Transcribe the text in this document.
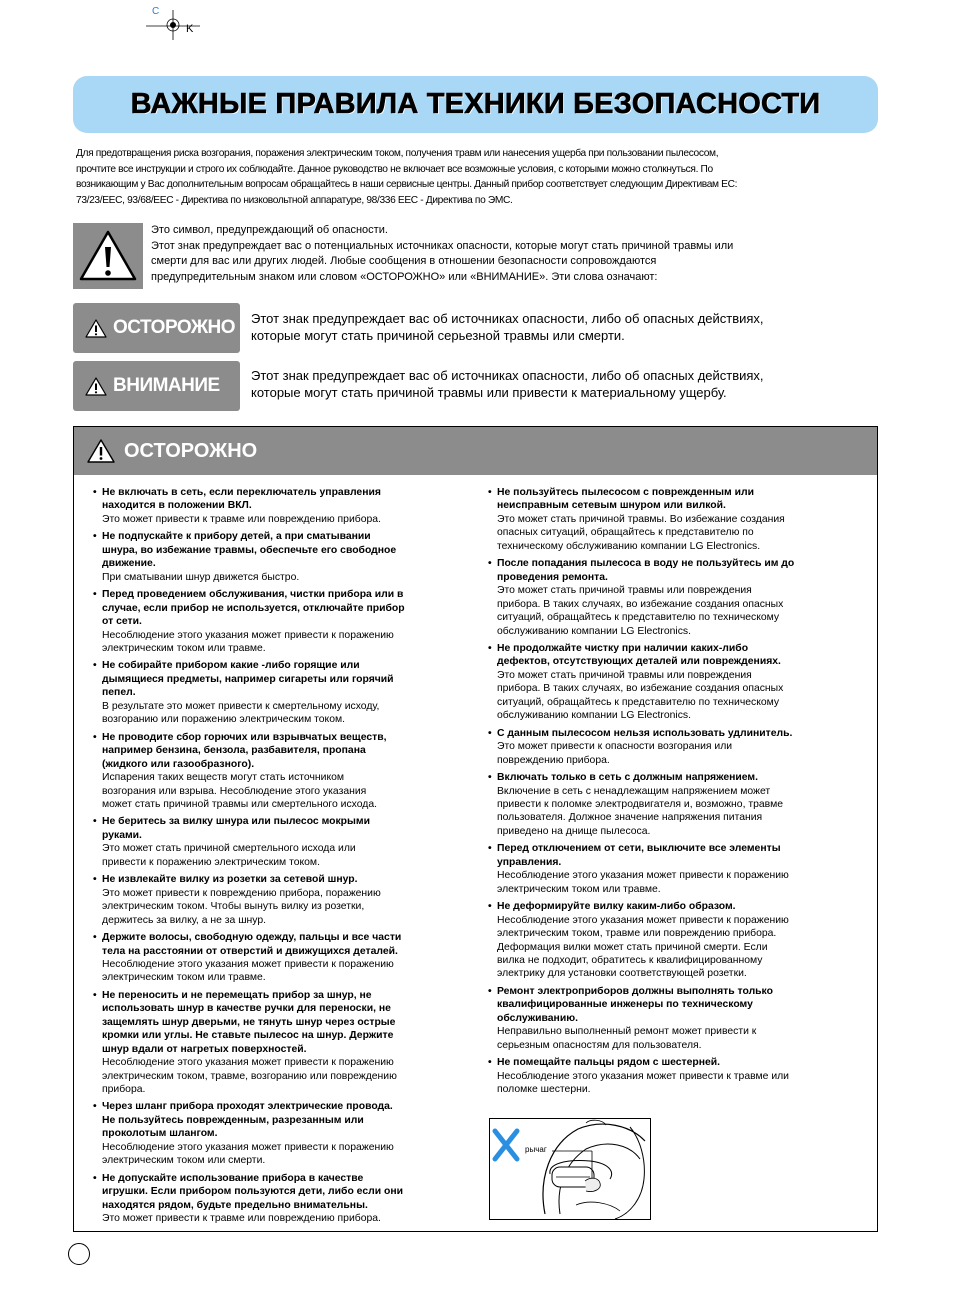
C
K
ВАЖНЫЕ ПРАВИЛА ТЕХНИКИ БЕЗОПАСНОСТИ
Для предотвращения риска возгорания, поражения электрическим током, получения травм или нанесения ущерба при пользовании пылесосом,
прочтите все инструкции и строго их соблюдайте. Данное руководство не включает все возможные условия, с которыми можно столкнуться. По
возникающим у Вас дополнительным вопросам обращайтесь в наши сервисные центры. Данный прибор соответствует следующим Директивам ЕС:
73/23/EEC, 93/68/EEC - Директива по низковольтной аппаратуре, 98/336 EEC - Директива по ЭМС.
Это символ, предупреждающий об опасности.
Этот знак предупреждает вас о потенциальных источниках опасности, которые могут стать причиной травмы или
смерти для вас или других людей. Любые сообщения в отношении безопасности сопровождаются
предупредительным знаком или словом «ОСТОРОЖНО» или «ВНИМАНИЕ». Эти слова означают:
ОСТОРОЖНО Этот знак предупреждает вас об источниках опасности, либо об опасных действиях,
которые могут стать причиной серьезной травмы или смерти.
ВНИМАНИЕ Этот знак предупреждает вас об источниках опасности, либо об опасных действиях,
которые могут стать причиной травмы или привести к материальному ущербу.
ОСТОРОЖНО
• Не включать в сеть, если переключатель управления
находится в положении ВКЛ.
Это может привести к травме или повреждению прибора.
• Не подпускайте к прибору детей, а при сматывании
шнура, во избежание травмы, обеспечьте его свободное
движение.
При сматывании шнур движется быстро.
• Перед проведением обслуживания, чистки прибора или в
случае, если прибор не используется, отключайте прибор
от сети.
Несоблюдение этого указания может привести к поражению
электрическим током или травме.
• Не собирайте прибором какие -либо горящие или
дымящиеся предметы, например сигареты или горячий
пепел.
В результате это может привести к смертельному исходу,
возгоранию или поражению электрическим током.
• Не проводите сбор горючих или взрывчатых веществ,
например бензина, бензола, разбавителя, пропана
(жидкого или газообразного).
Испарения таких веществ могут стать источником
возгорания или взрыва. Несоблюдение этого указания
может стать причиной травмы или смертельного исхода.
• Не беритесь за вилку шнура или пылесос мокрыми
руками.
Это может стать причиной смертельного исхода или
привести к поражению электрическим током.
• Не извлекайте вилку из розетки за сетевой шнур.
Это может привести к повреждению прибора, поражению
электрическим током. Чтобы вынуть вилку из розетки,
держитесь за вилку, а не за шнур.
• Держите волосы, свободную одежду, пальцы и все части
тела на расстоянии от отверстий и движущихся деталей.
Несоблюдение этого указания может привести к поражению
электрическим током или травме.
• Не переносить и не перемещать прибор за шнур, не
использовать шнур в качестве ручки для переноски, не
защемлять шнур дверьми, не тянуть шнур через острые
кромки или углы. Не ставьте пылесос на шнур. Держите
шнур вдали от нагретых поверхностей.
Несоблюдение этого указания может привести к поражению
электрическим током, травме, возгоранию или повреждению
прибора.
• Через шланг прибора проходят электрические провода.
Не пользуйтесь поврежденным, разрезанным или
проколотым шлангом.
Несоблюдение этого указания может привести к поражению
электрическим током или смерти.
• Не допускайте использование прибора в качестве
игрушки. Если прибором пользуются дети, либо если они
находятся рядом, будьте предельно внимательны.
Это может привести к травме или повреждению прибора.
• Не пользуйтесь пылесосом с поврежденным или
неисправным сетевым шнуром или вилкой.
Это может стать причиной травмы. Во избежание создания
опасных ситуаций, обращайтесь к представителю по
техническому обслуживанию компании LG Electronics.
• После попадания пылесоса в воду не пользуйтесь им до
проведения ремонта.
Это может стать причиной травмы или повреждения
прибора. В таких случаях, во избежание создания опасных
ситуаций, обращайтесь к представителю по техническому
обслуживанию компании LG Electronics.
• Не продолжайте чистку при наличии каких-либо
дефектов, отсутствующих деталей или повреждениях.
Это может стать причиной травмы или повреждения
прибора. В таких случаях, во избежание создания опасных
ситуаций, обращайтесь к представителю по техническому
обслуживанию компании LG Electronics.
• С данным пылесосом нельзя использовать удлинитель.
Это может привести к опасности возгорания или
повреждению прибора.
• Включать только в сеть с должным напряжением.
Включение в сеть с ненадлежащим напряжением может
привести к поломке электродвигателя и, возможно, травме
пользователя. Должное значение напряжения питания
приведено на днище пылесоса.
• Перед отключением от сети, выключите все элементы
управления.
Несоблюдение этого указания может привести к поражению
электрическим током или травме.
• Не деформируйте вилку каким-либо образом.
Несоблюдение этого указания может привести к поражению
электрическим током, травме или повреждению прибора.
Деформация вилки может стать причиной смерти. Если
вилка не подходит, обратитесь к квалифицированному
электрику для установки соответствующей розетки.
• Ремонт электроприборов должны выполнять только
квалифицированные инженеры по техническому
обслуживанию.
Неправильно выполненный ремонт может привести к
серьезным опасностям для пользователя.
• Не помещайте пальцы рядом с шестерней.
Несоблюдение этого указания может привести к травме или
поломке шестерни.
рычаг
